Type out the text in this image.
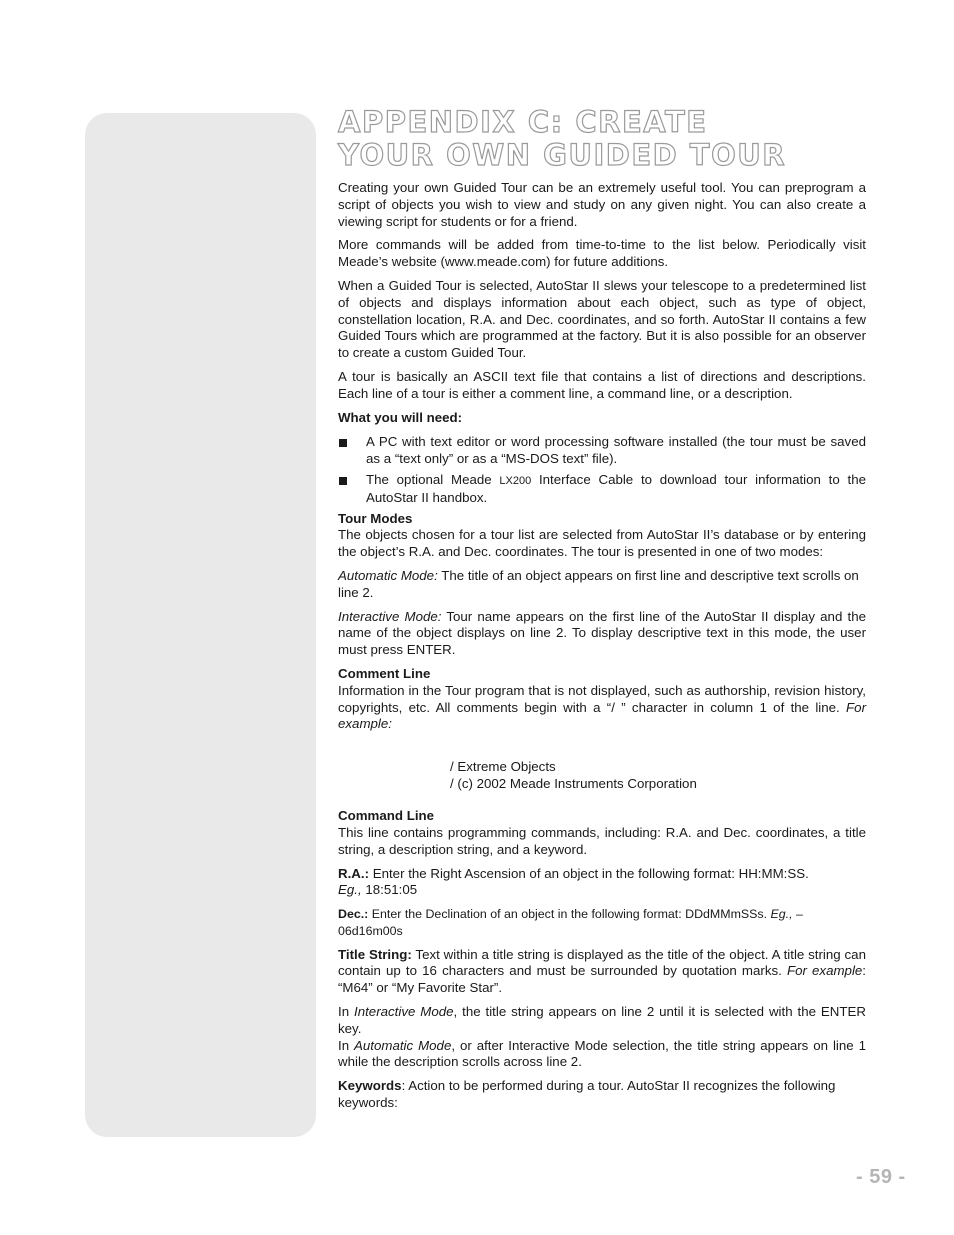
APPENDIX C: CREATE
YOUR OWN GUIDED TOUR

Creating your own Guided Tour can be an extremely useful tool. You can preprogram a script of objects you wish to view and study on any given night. You can also create a viewing script for students or for a friend.

More commands will be added from time-to-time to the list below. Periodically visit Meade’s website (www.meade.com) for future additions.

When a Guided Tour is selected, AutoStar II slews your telescope to a predetermined list of objects and displays information about each object, such as type of object, constellation location, R.A. and Dec. coordinates, and so forth. AutoStar II contains a few Guided Tours which are programmed at the factory. But it is also possible for an observer to create a custom Guided Tour.

A tour is basically an ASCII text file that contains a list of directions and descriptions. Each line of a tour is either a comment line, a command line, or a description.

What you will need:

A PC with text editor or word processing software installed (the tour must be saved as a “text only” or as a “MS-DOS text” file).
The optional Meade LX200 Interface Cable to download tour information to the AutoStar II handbox.

Tour Modes

The objects chosen for a tour list are selected from AutoStar II’s database or by entering the object’s R.A. and Dec. coordinates. The tour is presented in one of two modes:

Automatic Mode: The title of an object appears on first line and descriptive text scrolls on line 2.

Interactive Mode: Tour name appears on the first line of the AutoStar II display and the name of the object displays on line 2. To display descriptive text in this mode, the user must press ENTER.

Comment Line

Information in the Tour program that is not displayed, such as authorship, revision history, copyrights, etc. All comments begin with a “/ ” character in column 1 of the line. For example:

/ Extreme Objects
/ (c) 2002 Meade Instruments Corporation

Command Line

This line contains programming commands, including: R.A. and Dec. coordinates, a title string, a description string, and a keyword.

R.A.: Enter the Right Ascension of an object in the following format: HH:MM:SS.
Eg., 18:51:05

Dec.: Enter the Declination of an object in the following format: DDdMMmSSs. Eg., –06d16m00s

Title String: Text within a title string is displayed as the title of the object. A title string can contain up to 16 characters and must be surrounded by quotation marks. For example: “M64” or “My Favorite Star”.

In Interactive Mode, the title string appears on line 2 until it is selected with the ENTER key.

In Automatic Mode, or after Interactive Mode selection, the title string appears on line 1 while the description scrolls across line 2.

Keywords: Action to be performed during a tour. AutoStar II recognizes the following keywords:

- 59 -
